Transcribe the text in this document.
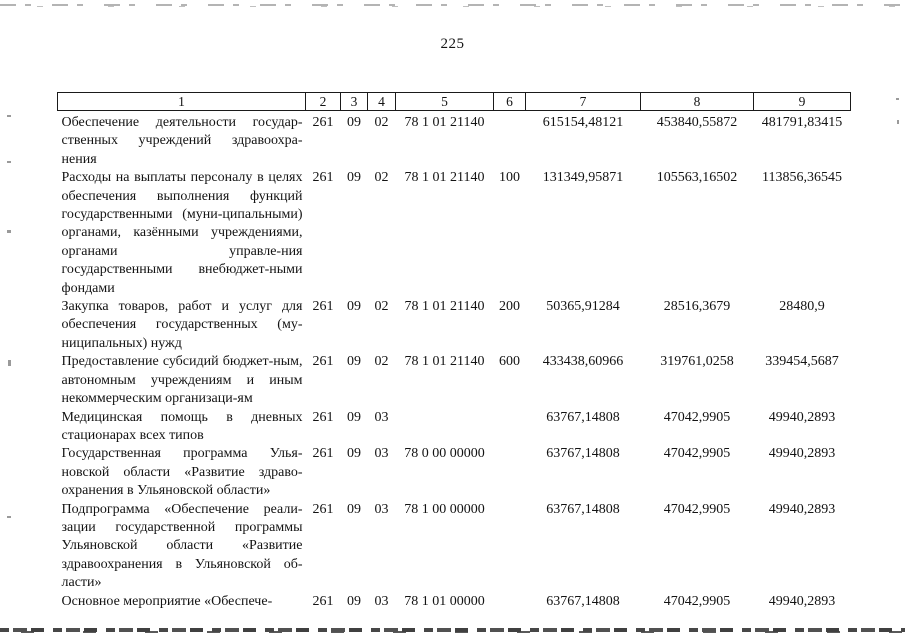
225
1	2	3	4	5	6	7	8	9
Обеспечение деятельности государ-ственных учреждений здравоохра-нения	261	09	02	78 1 01 21140		615154,48121	453840,55872	481791,83415
Расходы на выплаты персоналу в целях обеспечения выполнения функций государственными (муни-ципальными) органами, казёнными учреждениями, органами управле-ния государственными внебюджет-ными фондами	261	09	02	78 1 01 21140	100	131349,95871	105563,16502	113856,36545
Закупка товаров, работ и услуг для обеспечения государственных (му-ниципальных) нужд	261	09	02	78 1 01 21140	200	50365,91284	28516,3679	28480,9
Предоставление субсидий бюджет-ным, автономным учреждениям и иным некоммерческим организаци-ям	261	09	02	78 1 01 21140	600	433438,60966	319761,0258	339454,5687
Медицинская помощь в дневных стационарах всех типов	261	09	03			63767,14808	47042,9905	49940,2893
Государственная программа Улья-новской области «Развитие здраво-охранения в Ульяновской области»	261	09	03	78 0 00 00000		63767,14808	47042,9905	49940,2893
Подпрограмма «Обеспечение реали-зации государственной программы Ульяновской области «Развитие здравоохранения в Ульяновской об-ласти»	261	09	03	78 1 00 00000		63767,14808	47042,9905	49940,2893
Основное мероприятие «Обеспече-	261	09	03	78 1 01 00000		63767,14808	47042,9905	49940,2893
